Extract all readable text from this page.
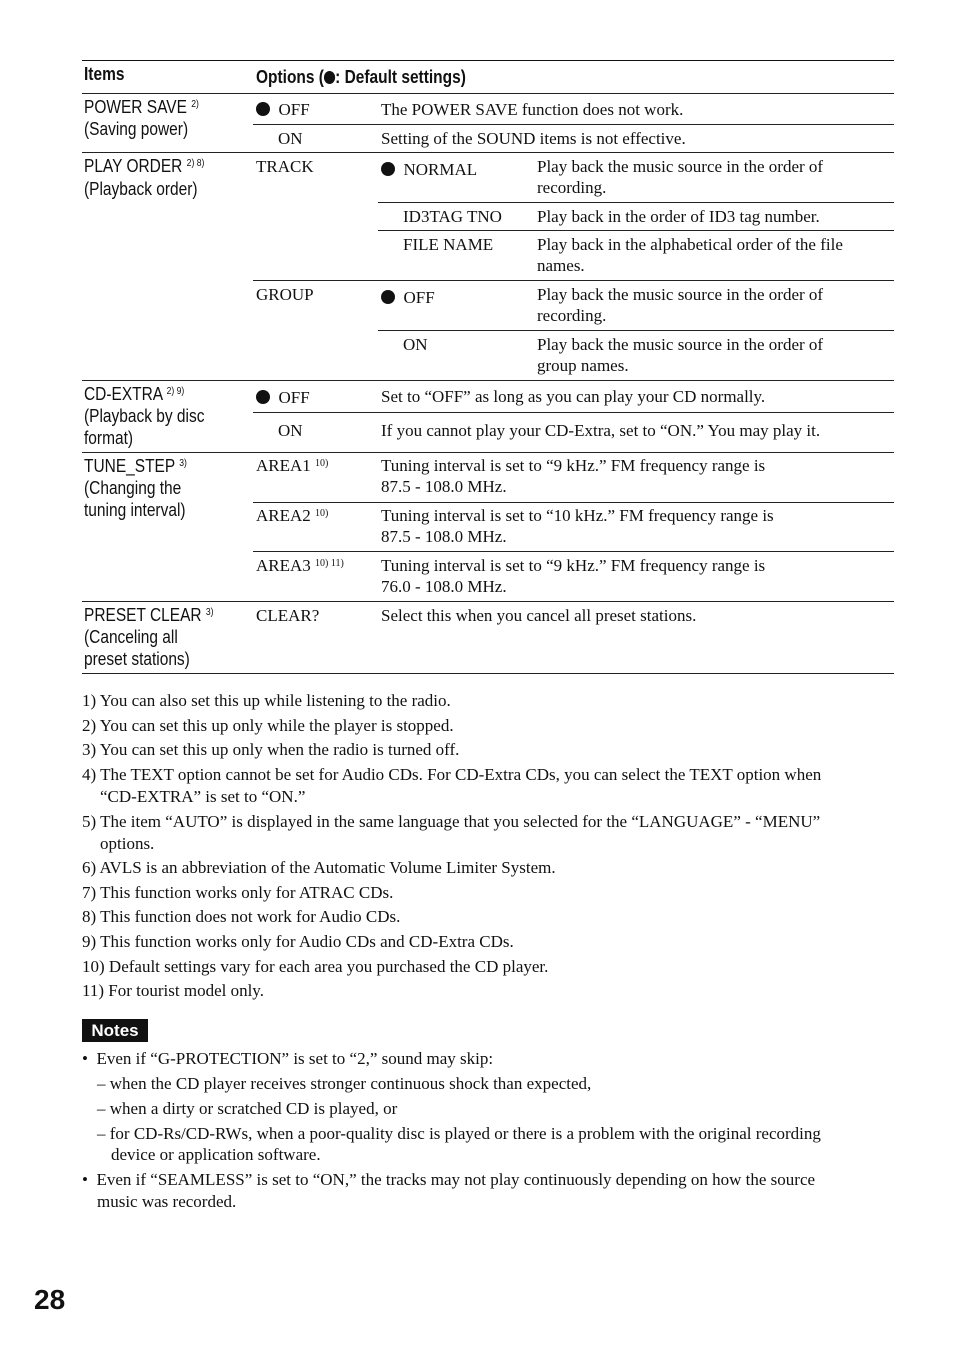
Items	Options ( : Default settings)
POWER SAVE $^{2)}$
(Saving power)
OFF	The POWER SAVE function does not work.
ON	Setting of the SOUND items is not effective.
PLAY ORDER $^{2) 8)}$
(Playback order)
TRACK	NORMAL	Play back the music source in the order of
recording.
ID3TAG TNO Play back in the order of ID3 tag number.
FILE NAME	Play back in the alphabetical order of the file
names.
GROUP	OFF	Play back the music source in the order of
recording.
ON	Play back the music source in the order of
group names.
CD-EXTRA $^{2) 9)}$
(Playback by disc
format)
OFF	Set to “OFF” as long as you can play your CD normally.
ON	If you cannot play your CD-Extra, set to “ON.” You may play it.
TUNE_STEP $^{3)}$
(Changing the
tuning interval)
AREA1 $^{10)}$	Tuning interval is set to “9 kHz.” FM frequency range is
87.5 - 108.0 MHz.
AREA2 $^{10)}$	Tuning interval is set to “10 kHz.” FM frequency range is
87.5 - 108.0 MHz.
AREA3 $^{10) 11)}$ Tuning interval is set to “9 kHz.” FM frequency range is
76.0 - 108.0 MHz.
PRESET CLEAR $^{3)}$
(Canceling all
preset stations)
CLEAR?	Select this when you cancel all preset stations.
1) You can also set this up while listening to the radio.
2) You can set this up only while the player is stopped.
3) You can set this up only when the radio is turned off.
4) The TEXT option cannot be set for Audio CDs. For CD-Extra CDs, you can select the TEXT option when
“CD-EXTRA” is set to “ON.”
5) The item “AUTO” is displayed in the same language that you selected for the “LANGUAGE” - “MENU”
options.
6) AVLS is an abbreviation of the Automatic Volume Limiter System.
7) This function works only for ATRAC CDs.
8) This function does not work for Audio CDs.
9) This function works only for Audio CDs and CD-Extra CDs.
10) Default settings vary for each area you purchased the CD player.
11) For tourist model only.
Notes
•  Even if “G-PROTECTION” is set to “2,” sound may skip:
– when the CD player receives stronger continuous shock than expected,
– when a dirty or scratched CD is played, or
– for CD-Rs/CD-RWs, when a poor-quality disc is played or there is a problem with the original recording
device or application software.
•  Even if “SEAMLESS” is set to “ON,” the tracks may not play continuously depending on how the source
music was recorded.
28
